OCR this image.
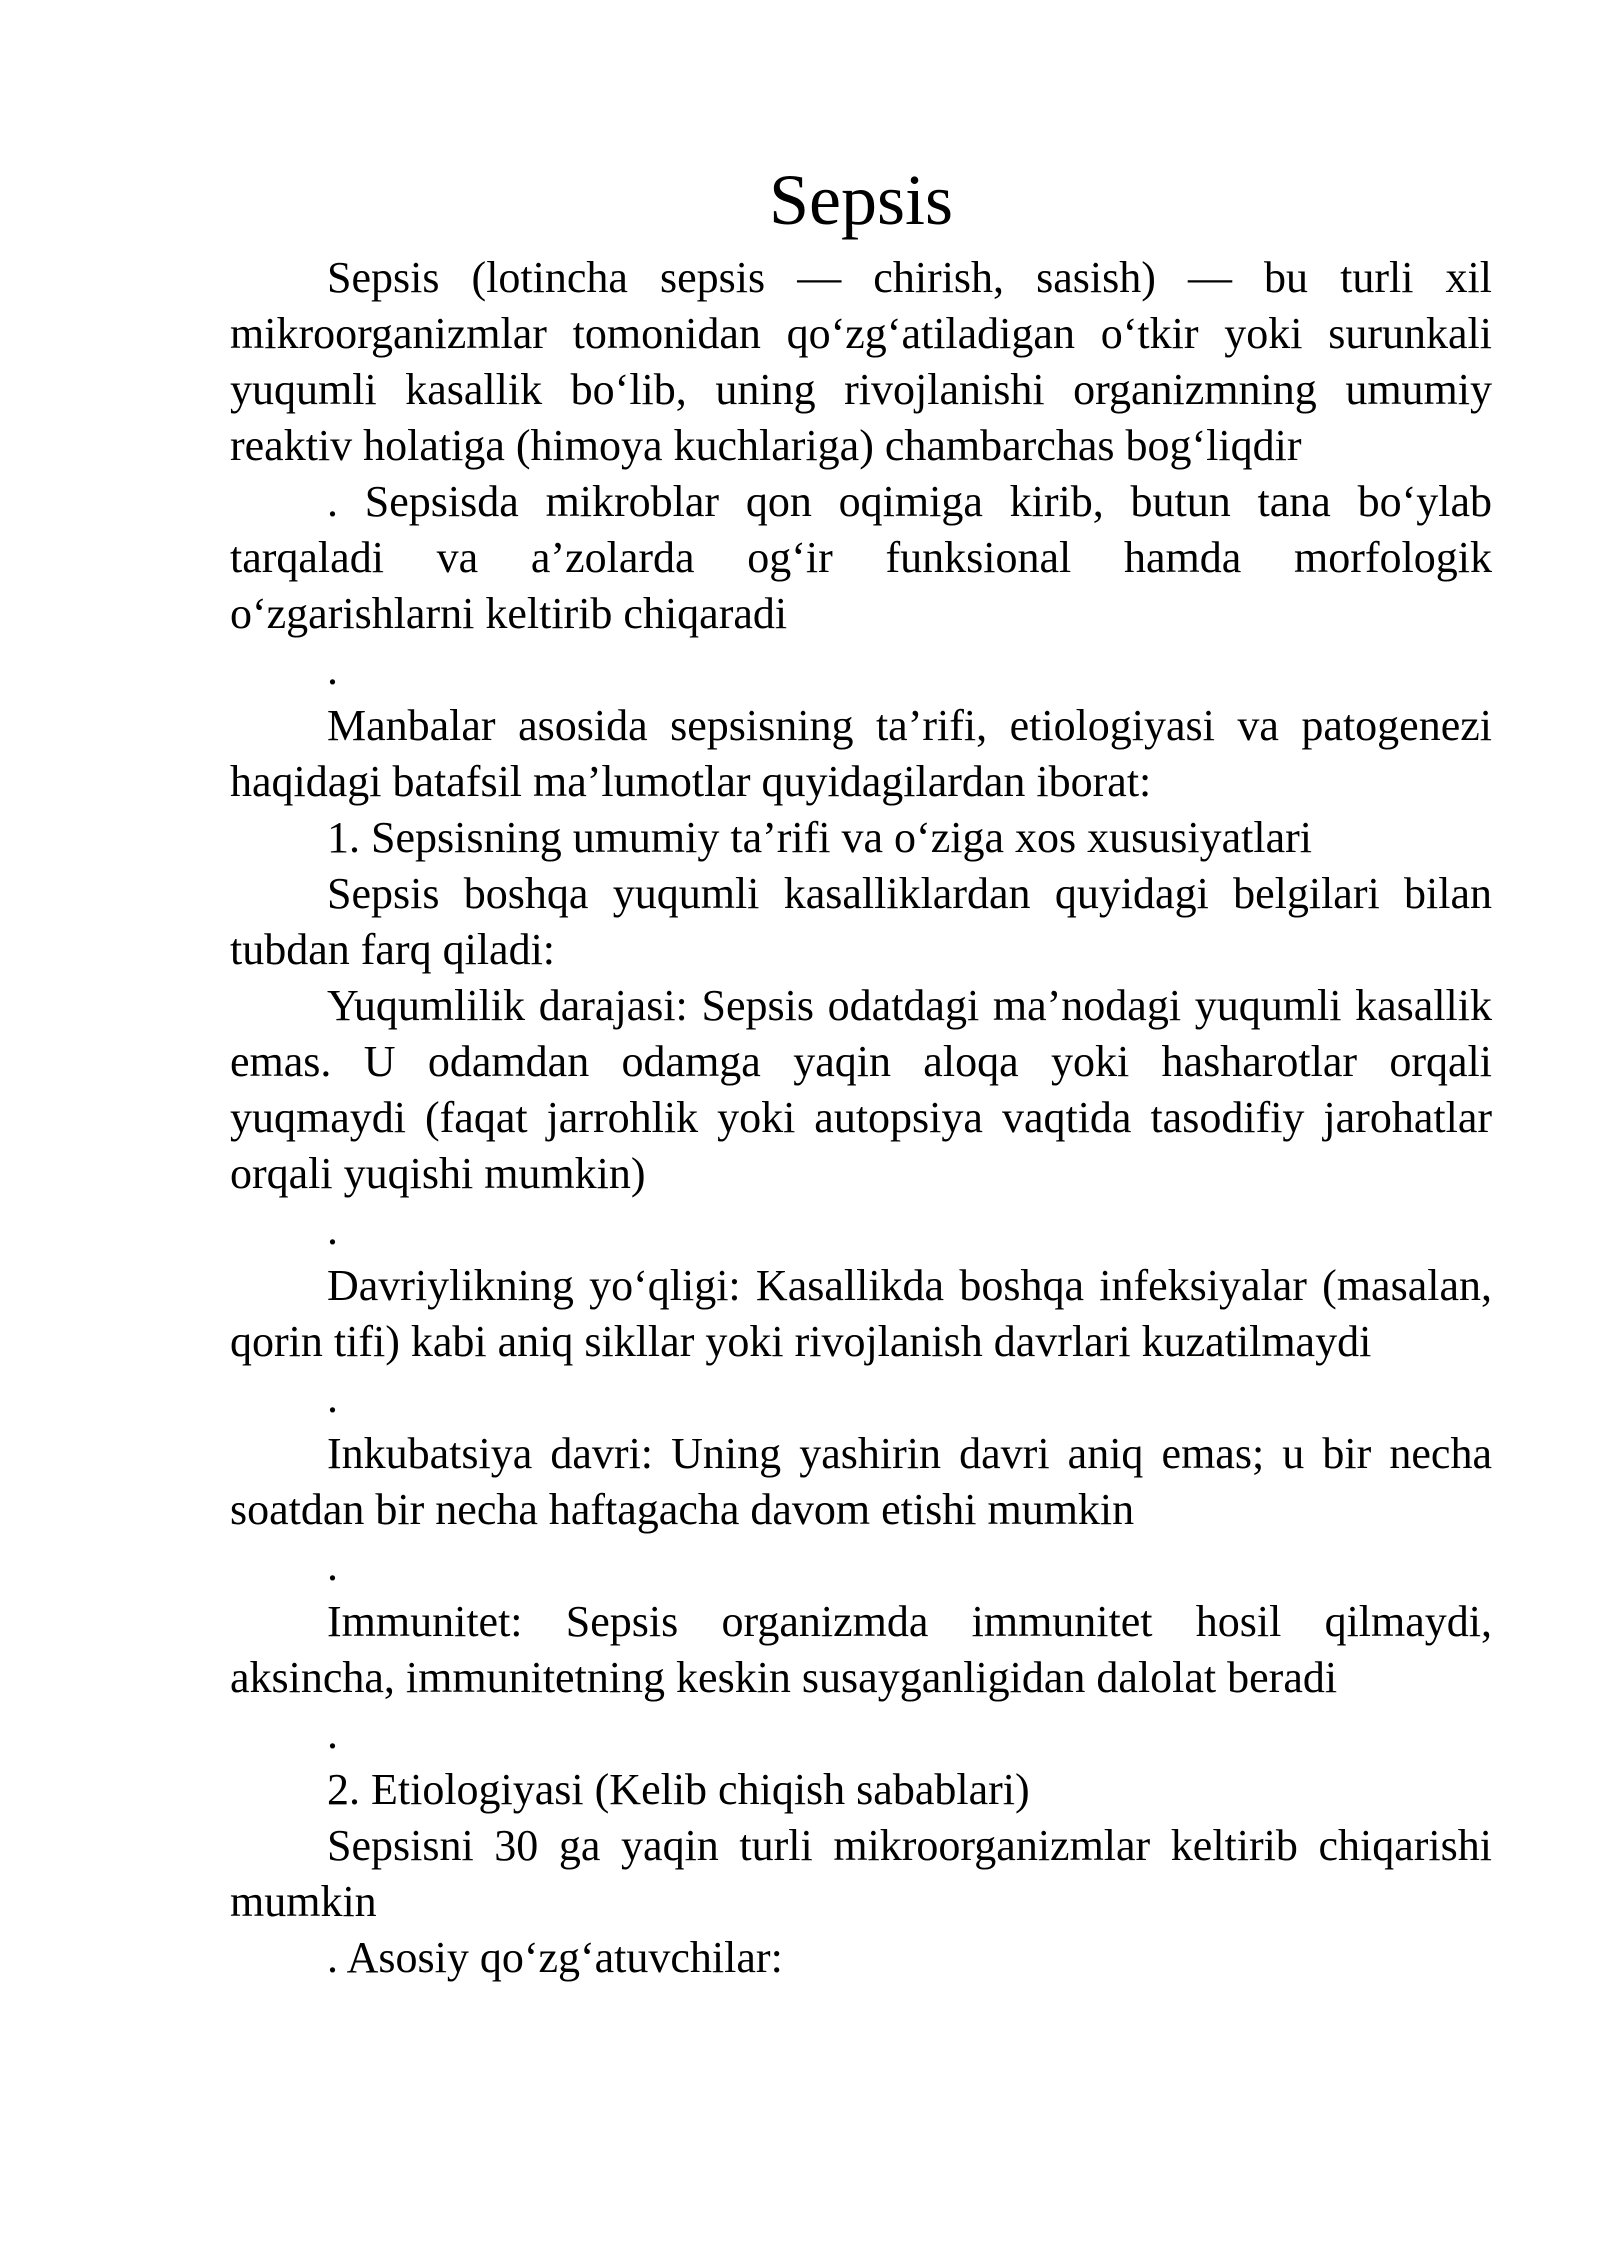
Sepsis

Sepsis (lotincha sepsis — chirish, sasish) — bu turli xil mikroorganizmlar tomonidan qo‘zg‘atiladigan o‘tkir yoki surunkali yuqumli kasallik bo‘lib, uning rivojlanishi organizmning umumiy reaktiv holatiga (himoya kuchlariga) chambarchas bog‘liqdir

. Sepsisda mikroblar qon oqimiga kirib, butun tana bo‘ylab tarqaladi va a’zolarda og‘ir funksional hamda morfologik o‘zgarishlarni keltirib chiqaradi

.

Manbalar asosida sepsisning ta’rifi, etiologiyasi va patogenezi haqidagi batafsil ma’lumotlar quyidagilardan iborat:

1. Sepsisning umumiy ta’rifi va o‘ziga xos xususiyatlari

Sepsis boshqa yuqumli kasalliklardan quyidagi belgilari bilan tubdan farq qiladi:

Yuqumlilik darajasi: Sepsis odatdagi ma’nodagi yuqumli kasallik emas. U odamdan odamga yaqin aloqa yoki hasharotlar orqali yuqmaydi (faqat jarrohlik yoki autopsiya vaqtida tasodifiy jarohatlar orqali yuqishi mumkin)

.

Davriylikning yo‘qligi: Kasallikda boshqa infeksiyalar (masalan, qorin tifi) kabi aniq sikllar yoki rivojlanish davrlari kuzatilmaydi

.

Inkubatsiya davri: Uning yashirin davri aniq emas; u bir necha soatdan bir necha haftagacha davom etishi mumkin

.

Immunitet: Sepsis organizmda immunitet hosil qilmaydi, aksincha, immunitetning keskin susayganligidan dalolat beradi

.

2. Etiologiyasi (Kelib chiqish sabablari)

Sepsisni 30 ga yaqin turli mikroorganizmlar keltirib chiqarishi mumkin

. Asosiy qo‘zg‘atuvchilar:
